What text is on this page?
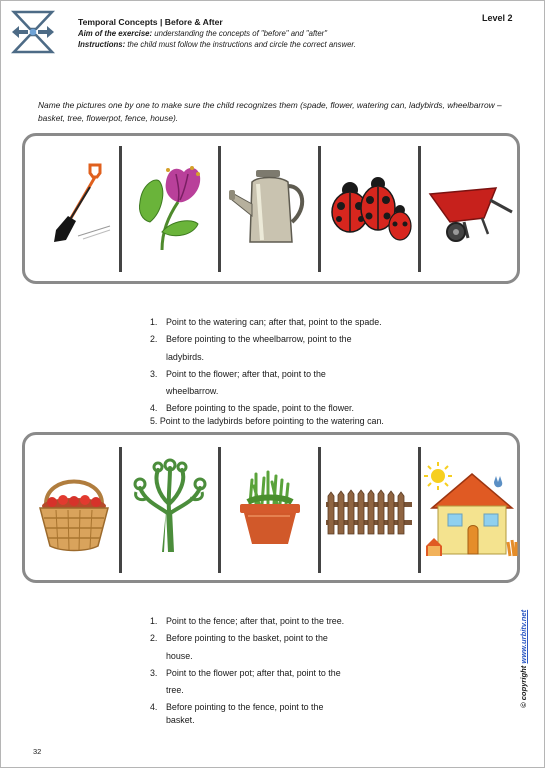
Temporal Concepts | Before & After
Aim of the exercise: understanding the concepts of "before" and "after"
Instructions: the child must follow the instructions and circle the correct answer.
Level 2
Name the pictures one by one to make sure the child recognizes them (spade, flower, watering can, ladybirds, wheelbarrow – basket, tree, flowerpot, fence, house).
1. Point to the watering can; after that, point to the spade.
2. Before pointing to the wheelbarrow, point to the
ladybirds.
3. Point to the flower; after that, point to the
wheelbarrow.
4. Before pointing to the spade, point to the flower.
5. Point to the ladybirds before pointing to the watering can.
1. Point to the fence; after that, point to the tree.
2. Before pointing to the basket, point to the
house.
3. Point to the flower pot; after that, point to the
tree.
4. Before pointing to the fence, point to the
basket.
© copyright www.urbitv.net
32
